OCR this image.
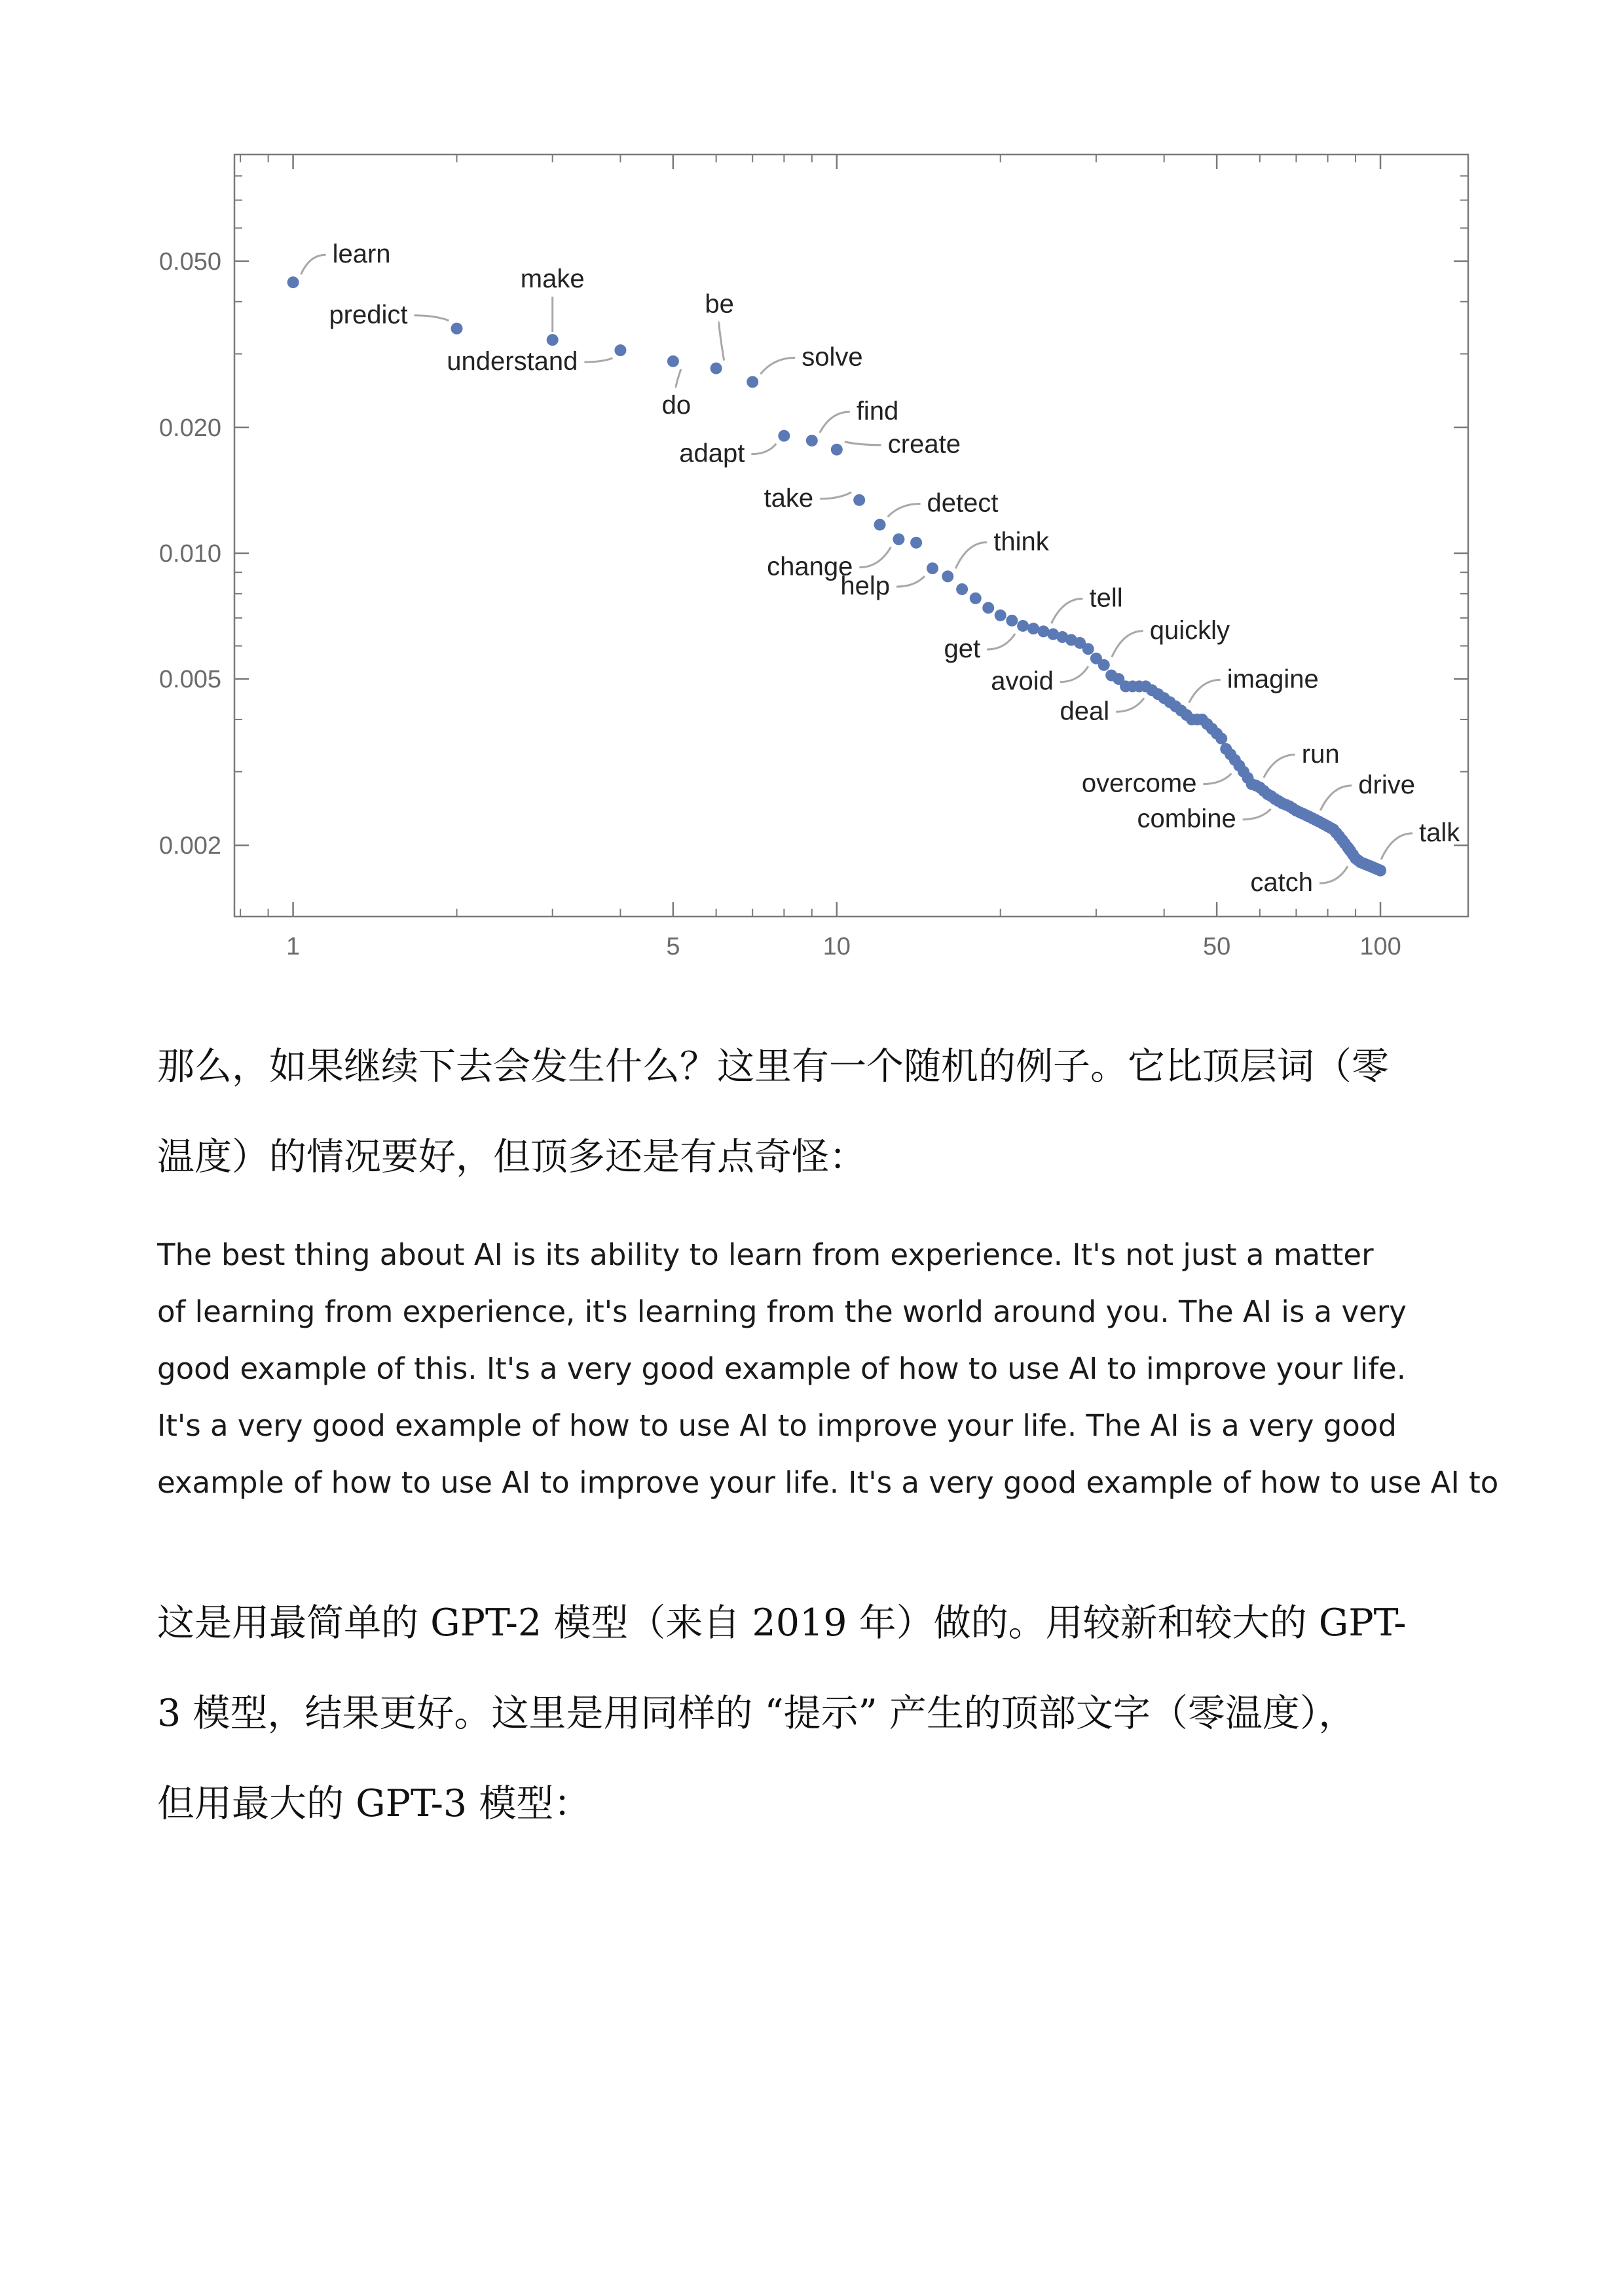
0.050
0.020
0.010
0.005
0.002
1	5	10	50	100
learn
predict
make
understand
do
be
solve
adapt
find
create
take	detect
change
help
think
get
tell
avoid
quickly
deal
imagine
overcome
run
combine
drive
catch
talk
那么，如果继续下去会发生什么？这里有一个随机的例子。它比顶层词（零
温度）的情况要好，但顶多还是有点奇怪：
The best thing about AI is its ability to learn from experience. It's not just a matter
of learning from experience, it's learning from the world around you. The AI is a very
good example of this. It's a very good example of how to use AI to improve your life.
It's a very good example of how to use AI to improve your life. The AI is a very good
example of how to use AI to improve your life. It's a very good example of how to use AI to
这是用最简单的 GPT-2 模型（来自 2019 年）做的。用较新和较大的 GPT-
3 模型，结果更好。这里是用同样的 “提示” 产生的顶部文字（零温度），
但用最大的 GPT-3 模型：
